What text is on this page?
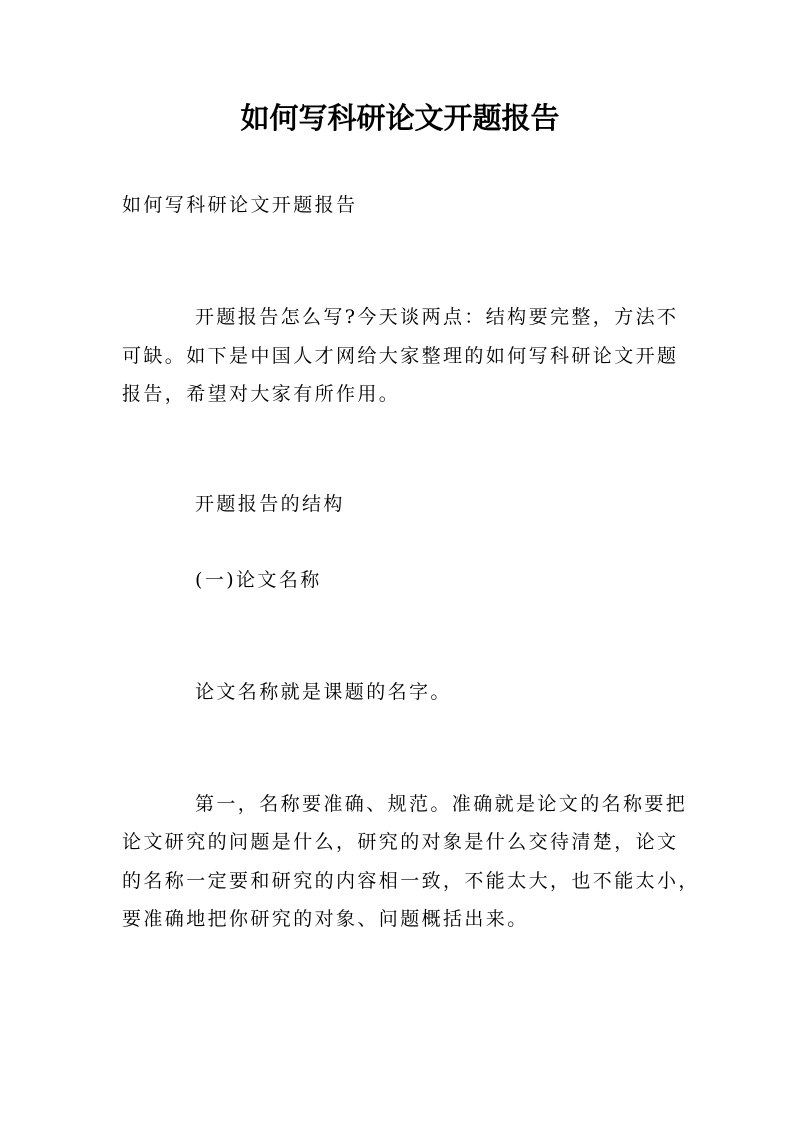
如何写科研论文开题报告

如何写科研论文开题报告

开题报告怎么写?今天谈两点：结构要完整，方法不

可缺。如下是中国人才网给大家整理的如何写科研论文开题

报告，希望对大家有所作用。

开题报告的结构

(一)论文名称

论文名称就是课题的名字。

第一，名称要准确、规范。准确就是论文的名称要把

论文研究的问题是什么，研究的对象是什么交待清楚，论文

的名称一定要和研究的内容相一致，不能太大，也不能太小，

要准确地把你研究的对象、问题概括出来。
